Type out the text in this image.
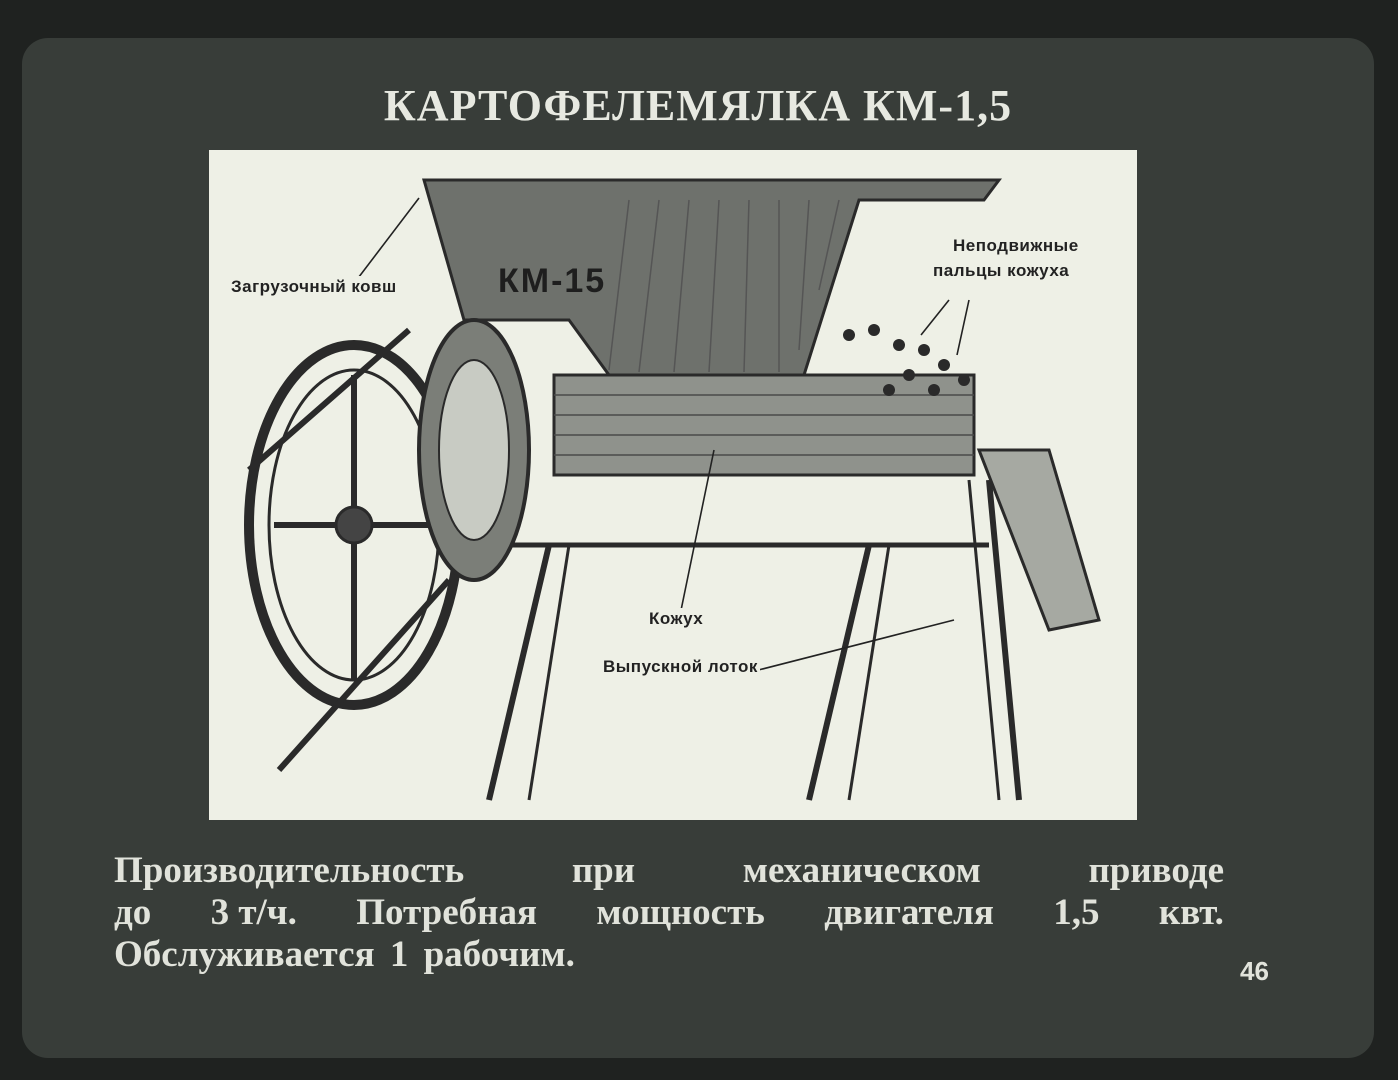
КАРТОФЕЛЕМЯЛКА КМ-1,5
КМ-15
Загрузочный ковш
Неподвижные
пальцы кожуха
Кожух
Выпускной лоток
Производительность	при	механическом	приводе
до 3 т/ч. Потребная мощность двигателя 1,5 квт.
Обслуживается 1 рабочим.	46
